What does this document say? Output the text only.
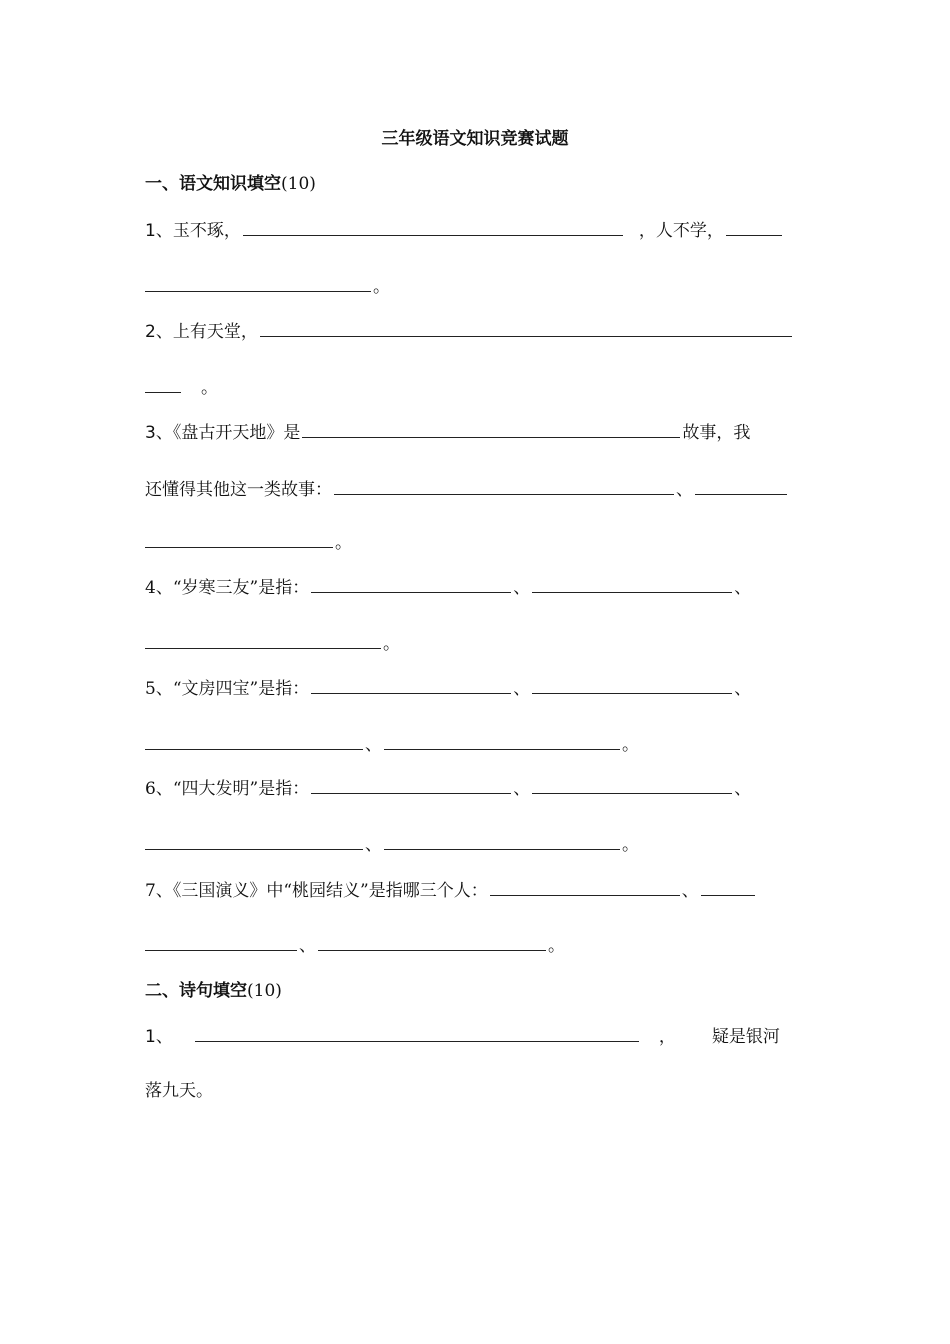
三年级语文知识竞赛试题
一、语文知识填空(10)
1、玉不琢，	，人不学，
。
2、上有天堂，
。
3、《盘古开天地》是	故事，我
还懂得其他这一类故事：	、
。
4、“岁寒三友”是指：	、	、
。
5、“文房四宝”是指：	、	、
、	。
6、“四大发明”是指：	、	、
、	。
7、《三国演义》中“桃园结义”是指哪三个人：	、
、	。
二、诗句填空(10)
1、	， 疑是银河
落九天。
